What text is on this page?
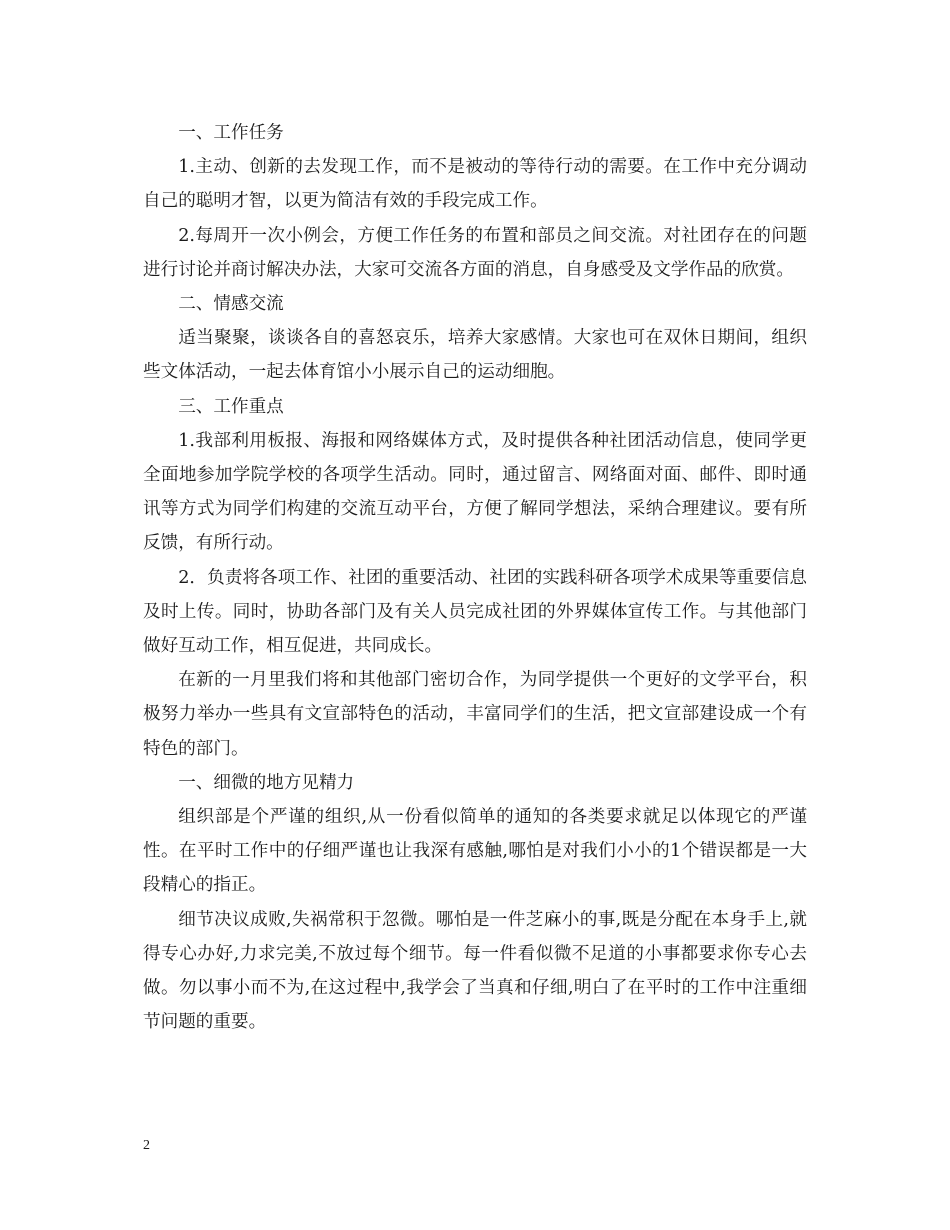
一、工作任务

1.主动、创新的去发现工作，而不是被动的等待行动的需要。在工作中充分调动自己的聪明才智，以更为简洁有效的手段完成工作。

2.每周开一次小例会，方便工作任务的布置和部员之间交流。对社团存在的问题进行讨论并商讨解决办法，大家可交流各方面的消息，自身感受及文学作品的欣赏。

二、情感交流

适当聚聚，谈谈各自的喜怒哀乐，培养大家感情。大家也可在双休日期间，组织些文体活动，一起去体育馆小小展示自己的运动细胞。

三、工作重点

1.我部利用板报、海报和网络媒体方式，及时提供各种社团活动信息，使同学更全面地参加学院学校的各项学生活动。同时，通过留言、网络面对面、邮件、即时通讯等方式为同学们构建的交流互动平台，方便了解同学想法，采纳合理建议。要有所反馈，有所行动。

2．负责将各项工作、社团的重要活动、社团的实践科研各项学术成果等重要信息及时上传。同时，协助各部门及有关人员完成社团的外界媒体宣传工作。与其他部门做好互动工作，相互促进，共同成长。

在新的一月里我们将和其他部门密切合作，为同学提供一个更好的文学平台，积极努力举办一些具有文宣部特色的活动，丰富同学们的生活，把文宣部建设成一个有特色的部门。

一、细微的地方见精力

组织部是个严谨的组织,从一份看似简单的通知的各类要求就足以体现它的严谨性。在平时工作中的仔细严谨也让我深有感触,哪怕是对我们小小的1个错误都是一大段精心的指正。

细节决议成败,失祸常积于忽微。哪怕是一件芝麻小的事,既是分配在本身手上,就得专心办好,力求完美,不放过每个细节。每一件看似微不足道的小事都要求你专心去做。勿以事小而不为,在这过程中,我学会了当真和仔细,明白了在平时的工作中注重细节问题的重要。

2
